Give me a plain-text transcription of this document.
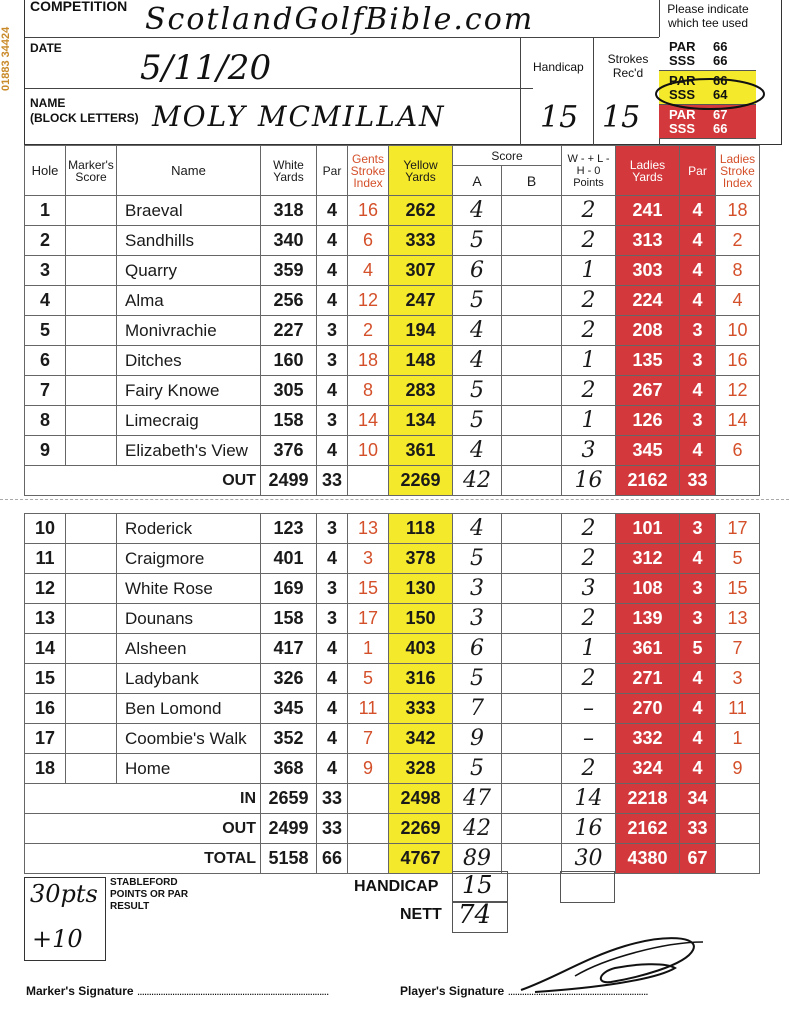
01883 34424
COMPETITION ScotlandGolfBible.com
DATE 5/11/20
NAME
(BLOCK LETTERS) MOLY MCMILLAN
Handicap
15
Strokes
Rec'd
15
Please indicate which tee used
PAR 66
SSS 66
PAR 66
SSS 64
PAR 67
SSS 66
Hole	Marker's Score	Name	White Yards	Par	Gents Stroke Index	Yellow Yards	Score		W - + L - H - 0 Points	Ladies Yards	Par	Ladies Stroke Index
							A	B				
1		Braeval	318	4	16	262	4		2	241	4	18
2		Sandhills	340	4	6	333	5		2	313	4	2
3		Quarry	359	4	4	307	6		1	303	4	8
4		Alma	256	4	12	247	5		2	224	4	4
5		Monivrachie	227	3	2	194	4		2	208	3	10
6		Ditches	160	3	18	148	4		1	135	3	16
7		Fairy Knowe	305	4	8	283	5		2	267	4	12
8		Limecraig	158	3	14	134	5		1	126	3	14
9		Elizabeth's View	376	4	10	361	4		3	345	4	6
OUT			2499	33		2269	42		16	2162	33	
10		Roderick	123	3	13	118	4		2	101	3	17
11		Craigmore	401	4	3	378	5		2	312	4	5
12		White Rose	169	3	15	130	3		3	108	3	15
13		Dounans	158	3	17	150	3		2	139	3	13
14		Alsheen	417	4	1	403	6		1	361	5	7
15		Ladybank	326	4	5	316	5		2	271	4	3
16		Ben Lomond	345	4	11	333	7		–	270	4	11
17		Coombie's Walk	352	4	7	342	9		–	332	4	1
18		Home	368	4	9	328	5		2	324	4	9
IN			2659	33		2498	47		14	2218	34	
OUT			2499	33		2269	42		16	2162	33	
TOTAL			5158	66		4767	89		30	4380	67	
30pts
+10
STABLEFORD POINTS OR PAR RESULT
HANDICAP 15
NETT 74
Marker's Signature ..................................................................................	Player's Signature ............................................................
